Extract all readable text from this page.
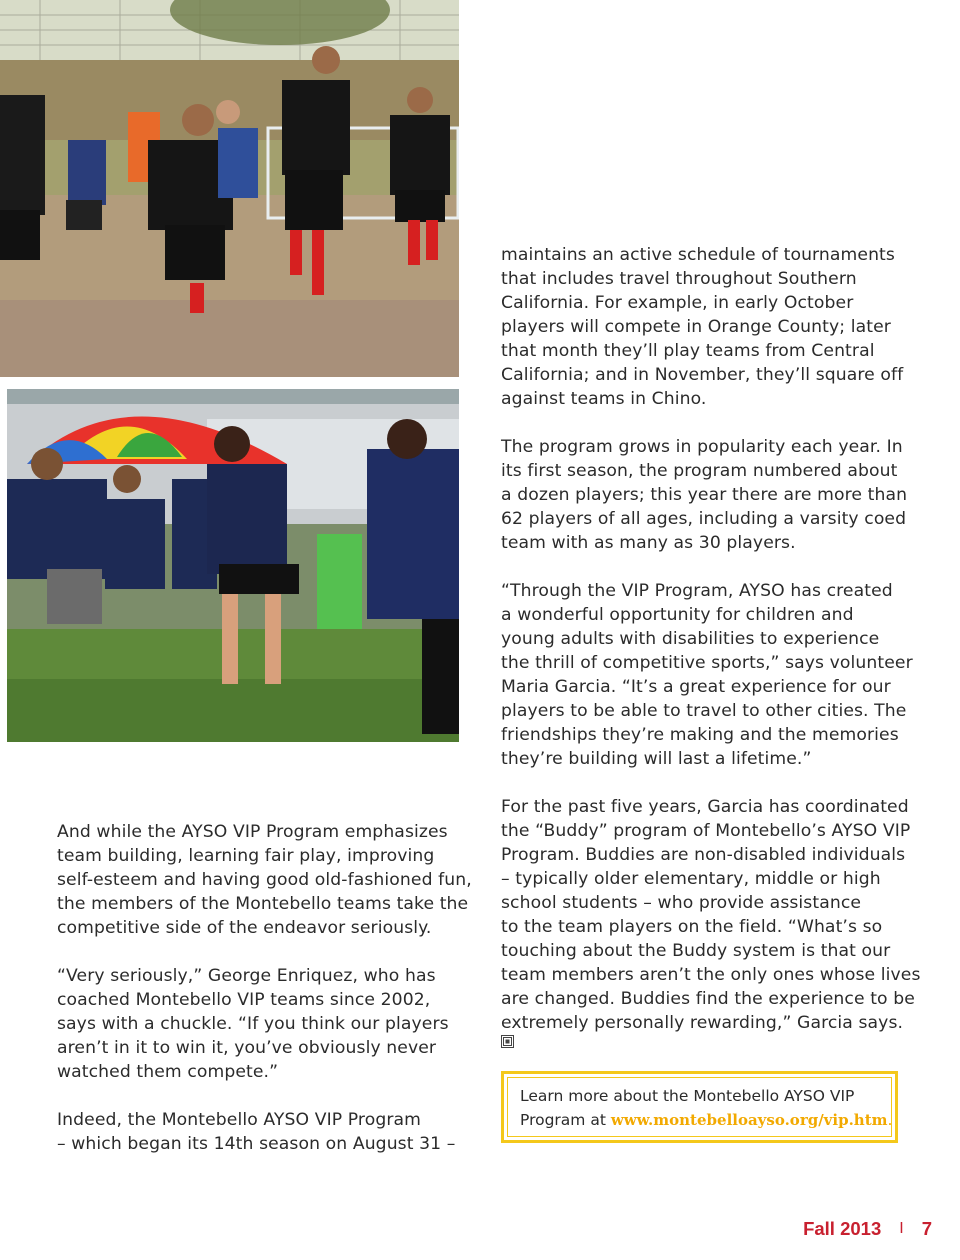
And while the AYSO VIP Program emphasizes
team building, learning fair play, improving
self-esteem and having good old-fashioned fun,
the members of the Montebello teams take the
competitive side of the endeavor seriously.

“Very seriously,” George Enriquez, who has
coached Montebello VIP teams since 2002,
says with a chuckle. “If you think our players
aren’t in it to win it, you’ve obviously never
watched them compete.”

Indeed, the Montebello AYSO VIP Program
– which began its 14th season on August 31 –

maintains an active schedule of tournaments
that includes travel throughout Southern
California. For example, in early October
players will compete in Orange County; later
that month they’ll play teams from Central
California; and in November, they’ll square off
against teams in Chino.

The program grows in popularity each year. In
its first season, the program numbered about
a dozen players; this year there are more than
62 players of all ages, including a varsity coed
team with as many as 30 players.

“Through the VIP Program, AYSO has created
a wonderful opportunity for children and
young adults with disabilities to experience
the thrill of competitive sports,” says volunteer
Maria Garcia. “It’s a great experience for our
players to be able to travel to other cities. The
friendships they’re making and the memories
they’re building will last a lifetime.”

For the past five years, Garcia has coordinated
the “Buddy” program of Montebello’s AYSO VIP
Program. Buddies are non-disabled individuals
– typically older elementary, middle or high
school students – who provide assistance
to the team players on the field. “What’s so
touching about the Buddy system is that our
team members aren’t the only ones whose lives
are changed. Buddies find the experience to be
extremely personally rewarding,” Garcia says.

Learn more about the Montebello AYSO VIP
Program at www.montebelloayso.org/vip.htm.
Fall 2013 I 7
